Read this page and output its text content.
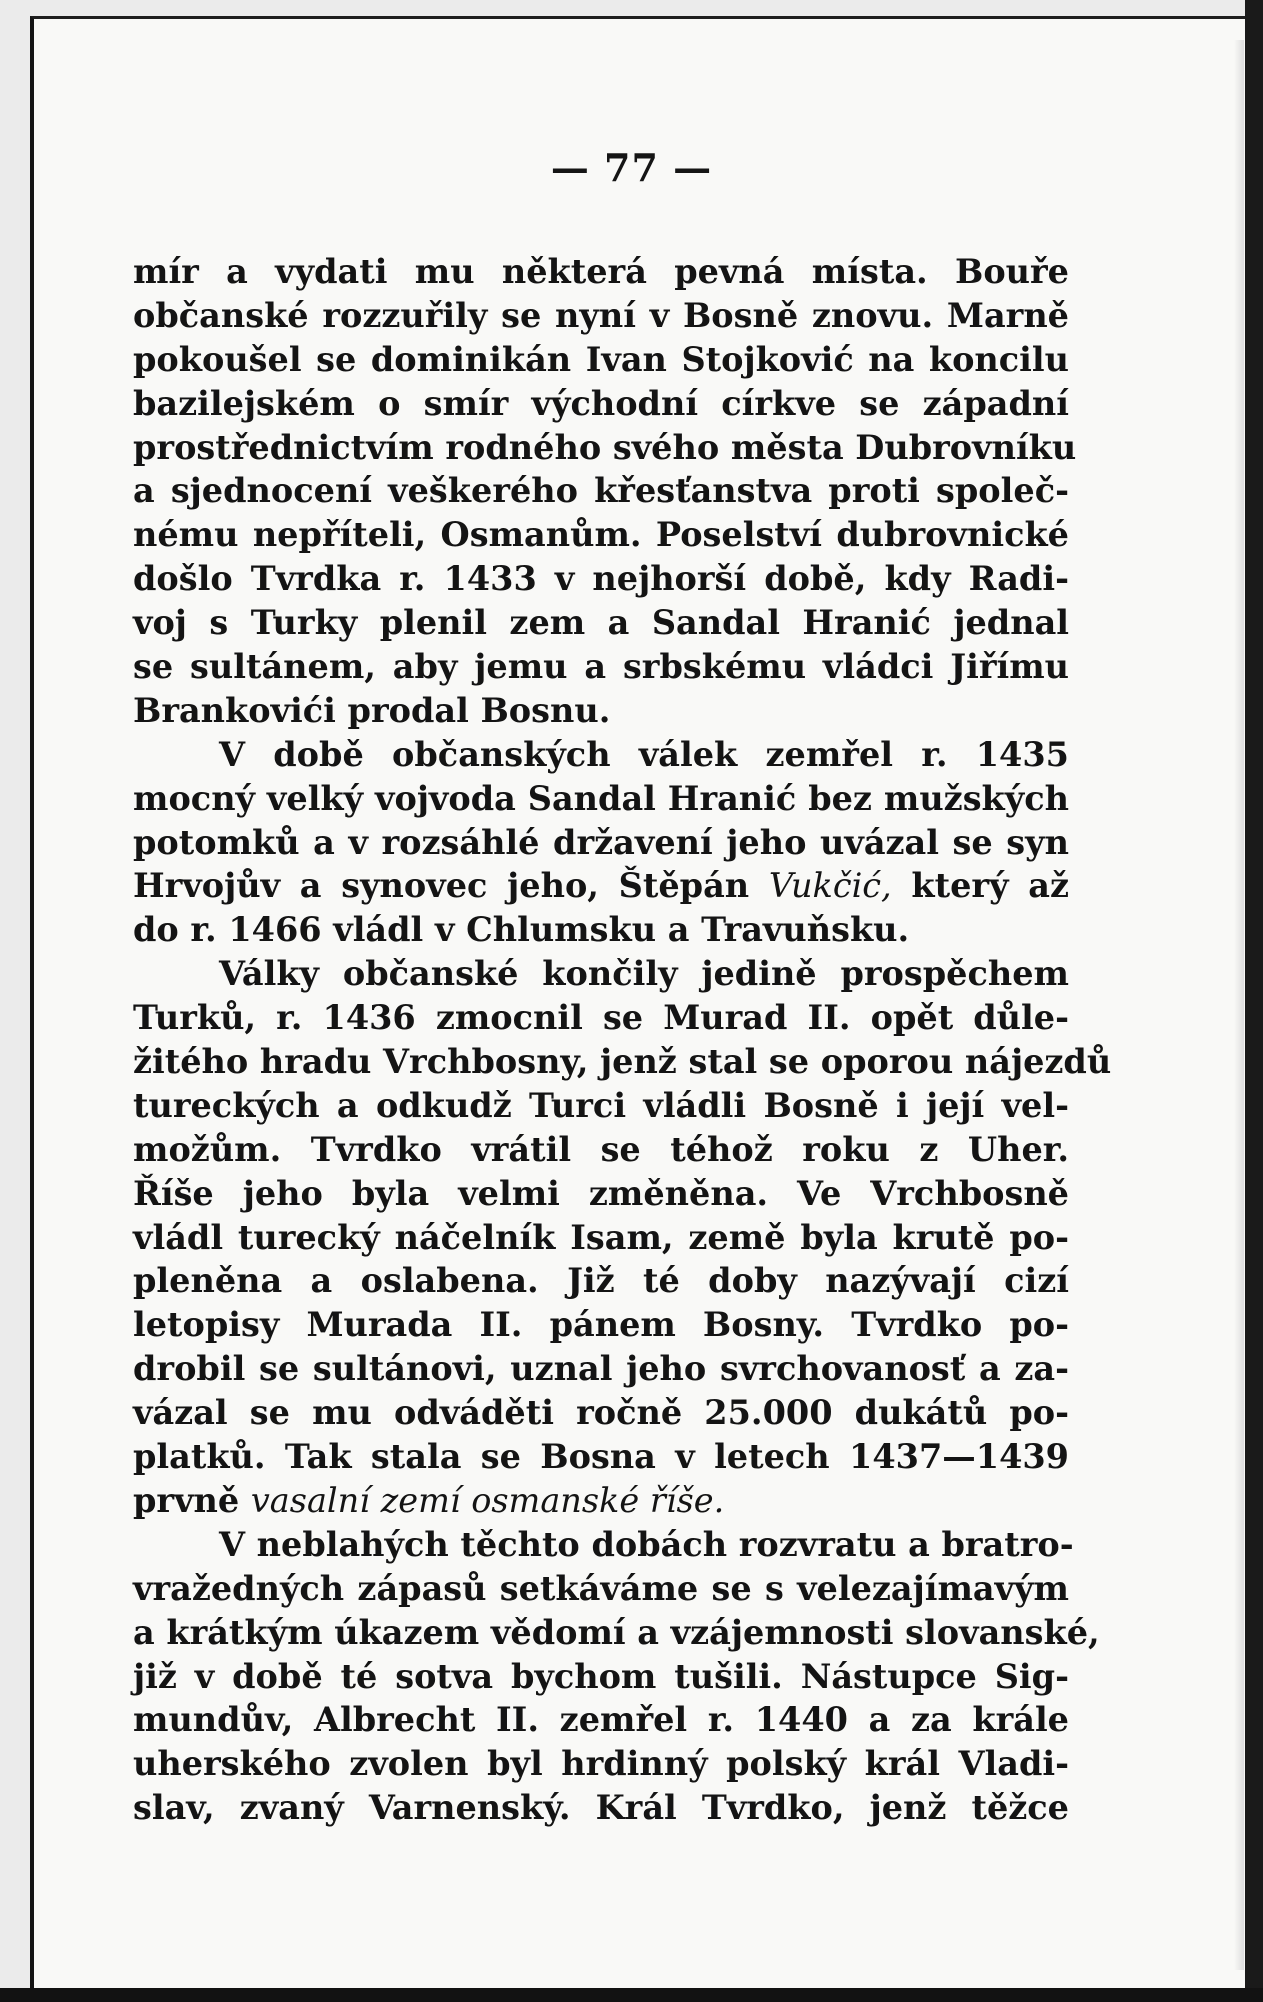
— 77 —
mír a vydati mu některá pevná místa. Bouře
občanské rozzuřily se nyní v Bosně znovu. Marně
pokoušel se dominikán Ivan Stojković na koncilu
bazilejském o smír východní církve se západní
prostřednictvím rodného svého města Dubrovníku
a sjednocení veškerého křesťanstva proti společ-
nému nepříteli, Osmanům. Poselství dubrovnické
došlo Tvrdka r. 1433 v nejhorší době, kdy Radi-
voj s Turky plenil zem a Sandal Hranić jednal
se sultánem, aby jemu a srbskému vládci Jiřímu
Brankovići prodal Bosnu.
V době občanských válek zemřel r. 1435
mocný velký vojvoda Sandal Hranić bez mužských
potomků a v rozsáhlé državení jeho uvázal se syn
Hrvojův a synovec jeho, Štěpán Vukčić, který až
do r. 1466 vládl v Chlumsku a Travuňsku.
Války občanské končily jedině prospěchem
Turků, r. 1436 zmocnil se Murad II. opět důle-
žitého hradu Vrchbosny, jenž stal se oporou nájezdů
tureckých a odkudž Turci vládli Bosně i její vel-
možům. Tvrdko vrátil se téhož roku z Uher.
Říše jeho byla velmi změněna. Ve Vrchbosně
vládl turecký náčelník Isam, země byla krutě po-
pleněna a oslabena. Již té doby nazývají cizí
letopisy Murada II. pánem Bosny. Tvrdko po-
drobil se sultánovi, uznal jeho svrchovanosť a za-
vázal se mu odváděti ročně 25.000 dukátů po-
platků. Tak stala se Bosna v letech 1437—1439
prvně vasalní zemí osmanské říše.
V neblahých těchto dobách rozvratu a bratro-
vražedných zápasů setkáváme se s velezajímavým
a krátkým úkazem vědomí a vzájemnosti slovanské,
již v době té sotva bychom tušili. Nástupce Sig-
mundův, Albrecht II. zemřel r. 1440 a za krále
uherského zvolen byl hrdinný polský král Vladi-
slav, zvaný Varnenský. Král Tvrdko, jenž těžce
